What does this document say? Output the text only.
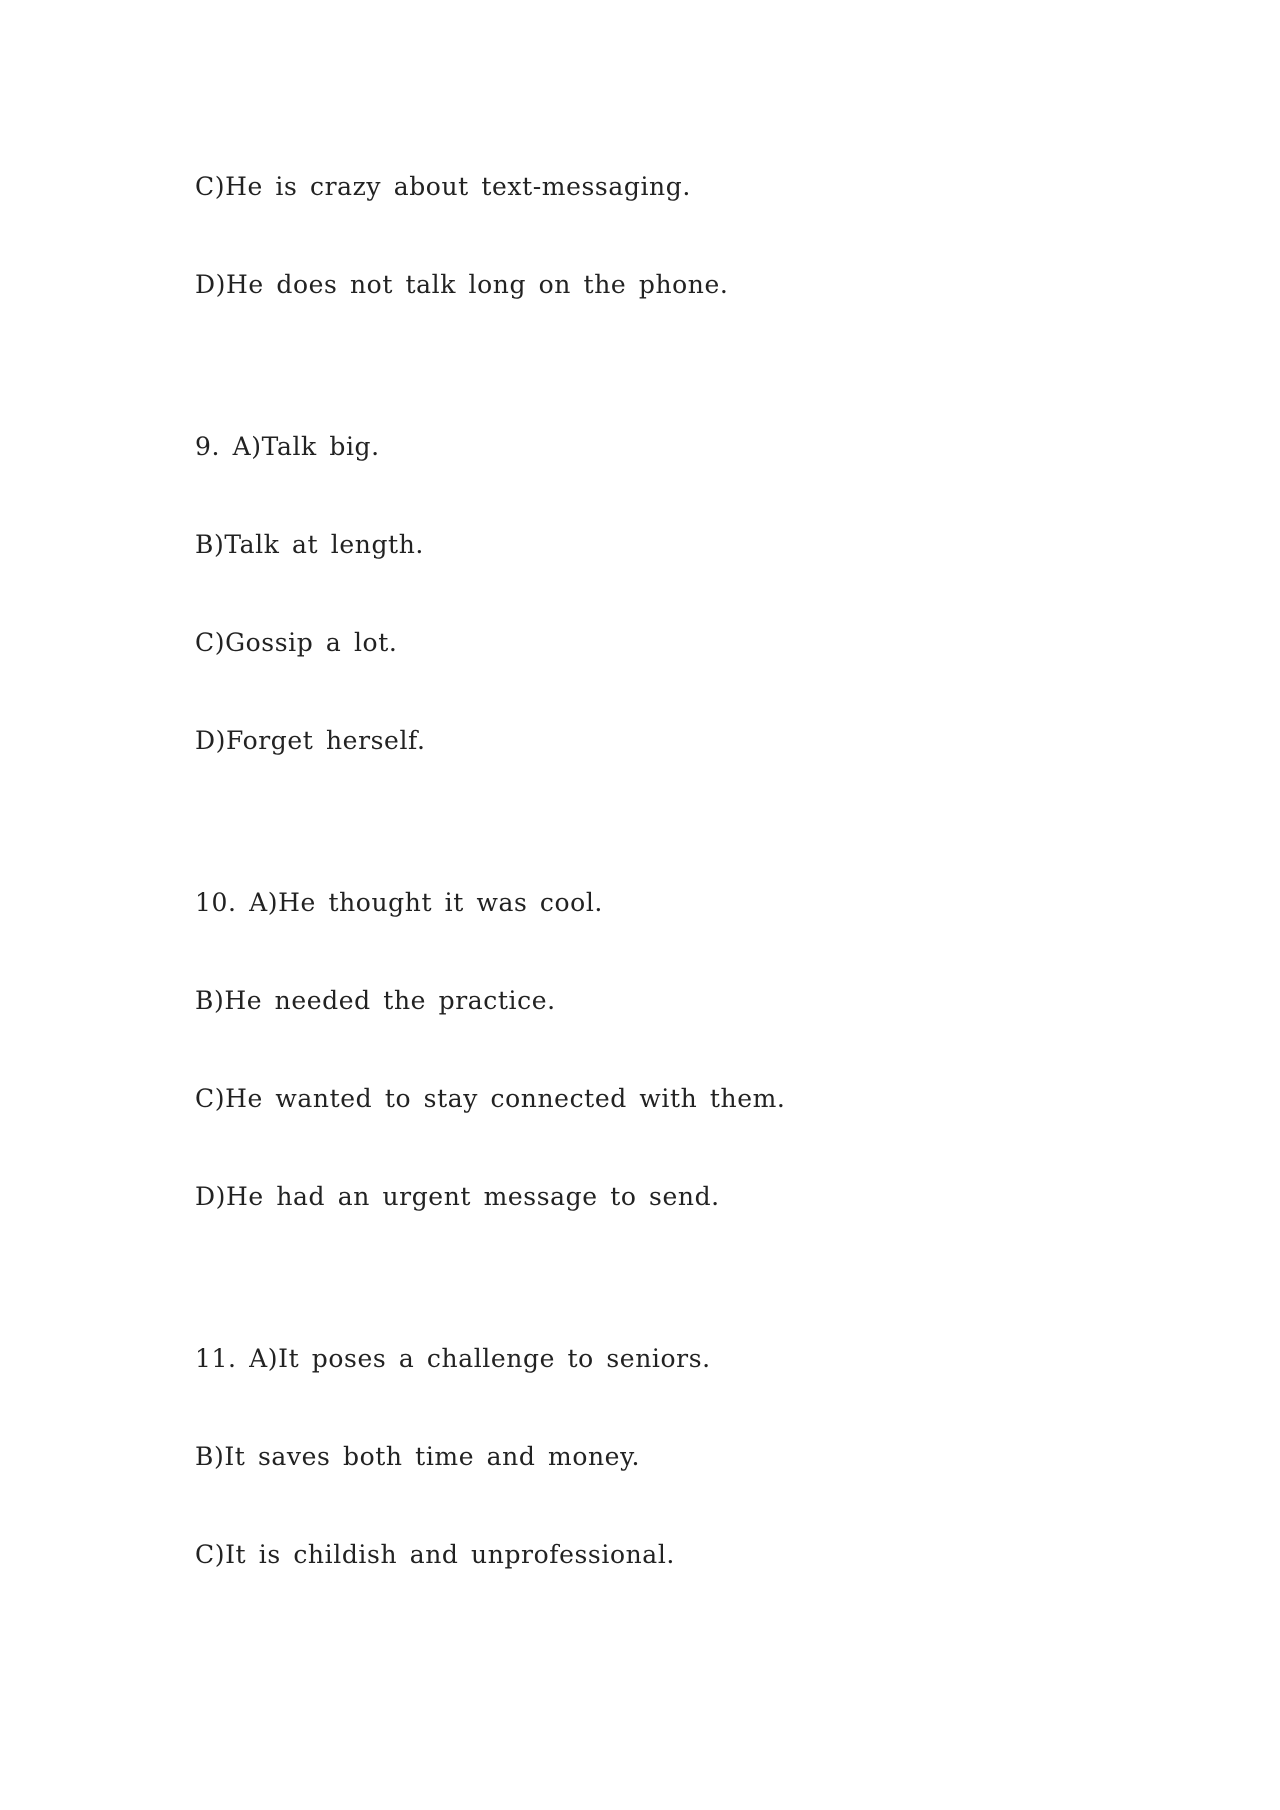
C)He is crazy about text-messaging.
D)He does not talk long on the phone.
9. A)Talk big.
B)Talk at length.
C)Gossip a lot.
D)Forget herself.
10. A)He thought it was cool.
B)He needed the practice.
C)He wanted to stay connected with them.
D)He had an urgent message to send.
11. A)It poses a challenge to seniors.
B)It saves both time and money.
C)It is childish and unprofessional.
